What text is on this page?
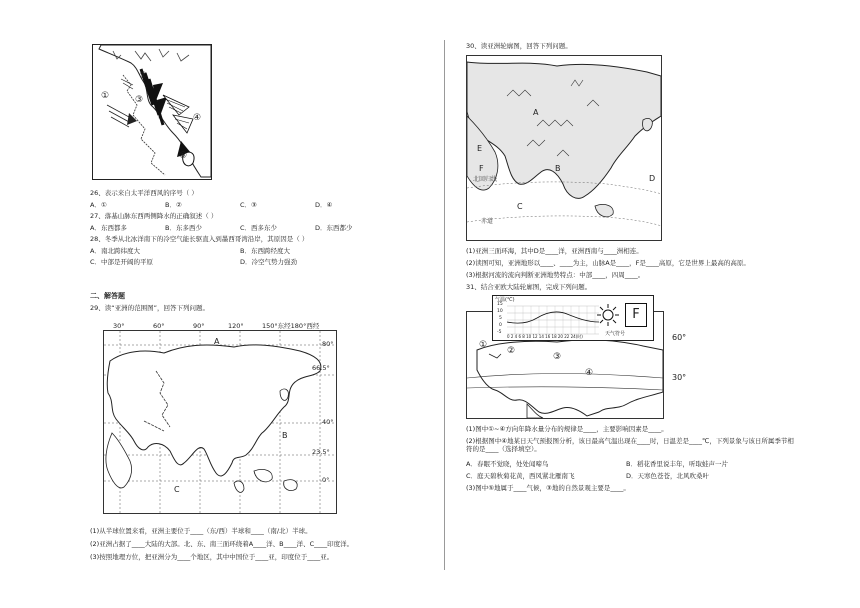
①
②
③
④
⑤
26、表示来自太平洋西风的序号（ ）
A．①	B．②	C．③	D．④
27、落基山脉东西两侧降水的正确叙述（ ）
A．东西都多	B．东多西少	C．西多东少	D．东西都少
28、冬季从北冰洋南下的冷空气能长驱直入到墨西哥湾沿岸，其原因是（ ）
A．南北跨纬度大	B．东西跨经度大
C．中部是开阔的平原	D．冷空气势力强劲
二、解答题
29、读“亚洲的范围图”，回答下列问题。
A
B
C
30°	60°	90°	120°	150°东经180°西经
80°
66.5°
40°
23.5°
0°
(1)从半球位置来看，亚洲主要位于____（东/西）半球和____（南/北）半球。
(2)亚洲占据了____大陆的大部。北、东、南三面环绕着A____洋、B____洋、C____印度洋。
(3)按照地理方位，把亚洲分为____个地区，其中中国位于____亚，印度位于____亚。
30、读亚洲轮廓图，回答下列问题。
A
B
C
D
E
F
北回归线
赤道
(1)亚洲三面环海，其中D是____洋，亚洲西南与____洲相连。
(2)读图可知，亚洲地形以____、____为主，山脉A是____，F是____高原，它是世界上最高的高原。
(3)根据河流的流向判断亚洲地势特点：中部____，四周____。
31、结合亚欧大陆轮廓图，完成下列问题。
①
②
③
④
气温(℃)
15
10
5
0
-5
0 2 4 6 8 10 12 14 16 18 20 22 24(时)
F
天气符号	60°
30°
(1)图中①~④方向年降水量分布的规律是____，主要影响因素是____。
(2)根据图中④地某日天气预报图分析，该日最高气温出现在____时，日温差是____℃，下列景象与该日所属季节相符的是____（选择填空）。
A．春眠不觉晓，处处闻啼鸟	B．稻花香里说丰年，听取蛙声一片
C．庭天碧秋菊花黄，西风紧北雁南飞	D．天寒色苍苍，北风吹桑叶
(3)图中⑤地属于____气候，③地的自然景观主要是____。
